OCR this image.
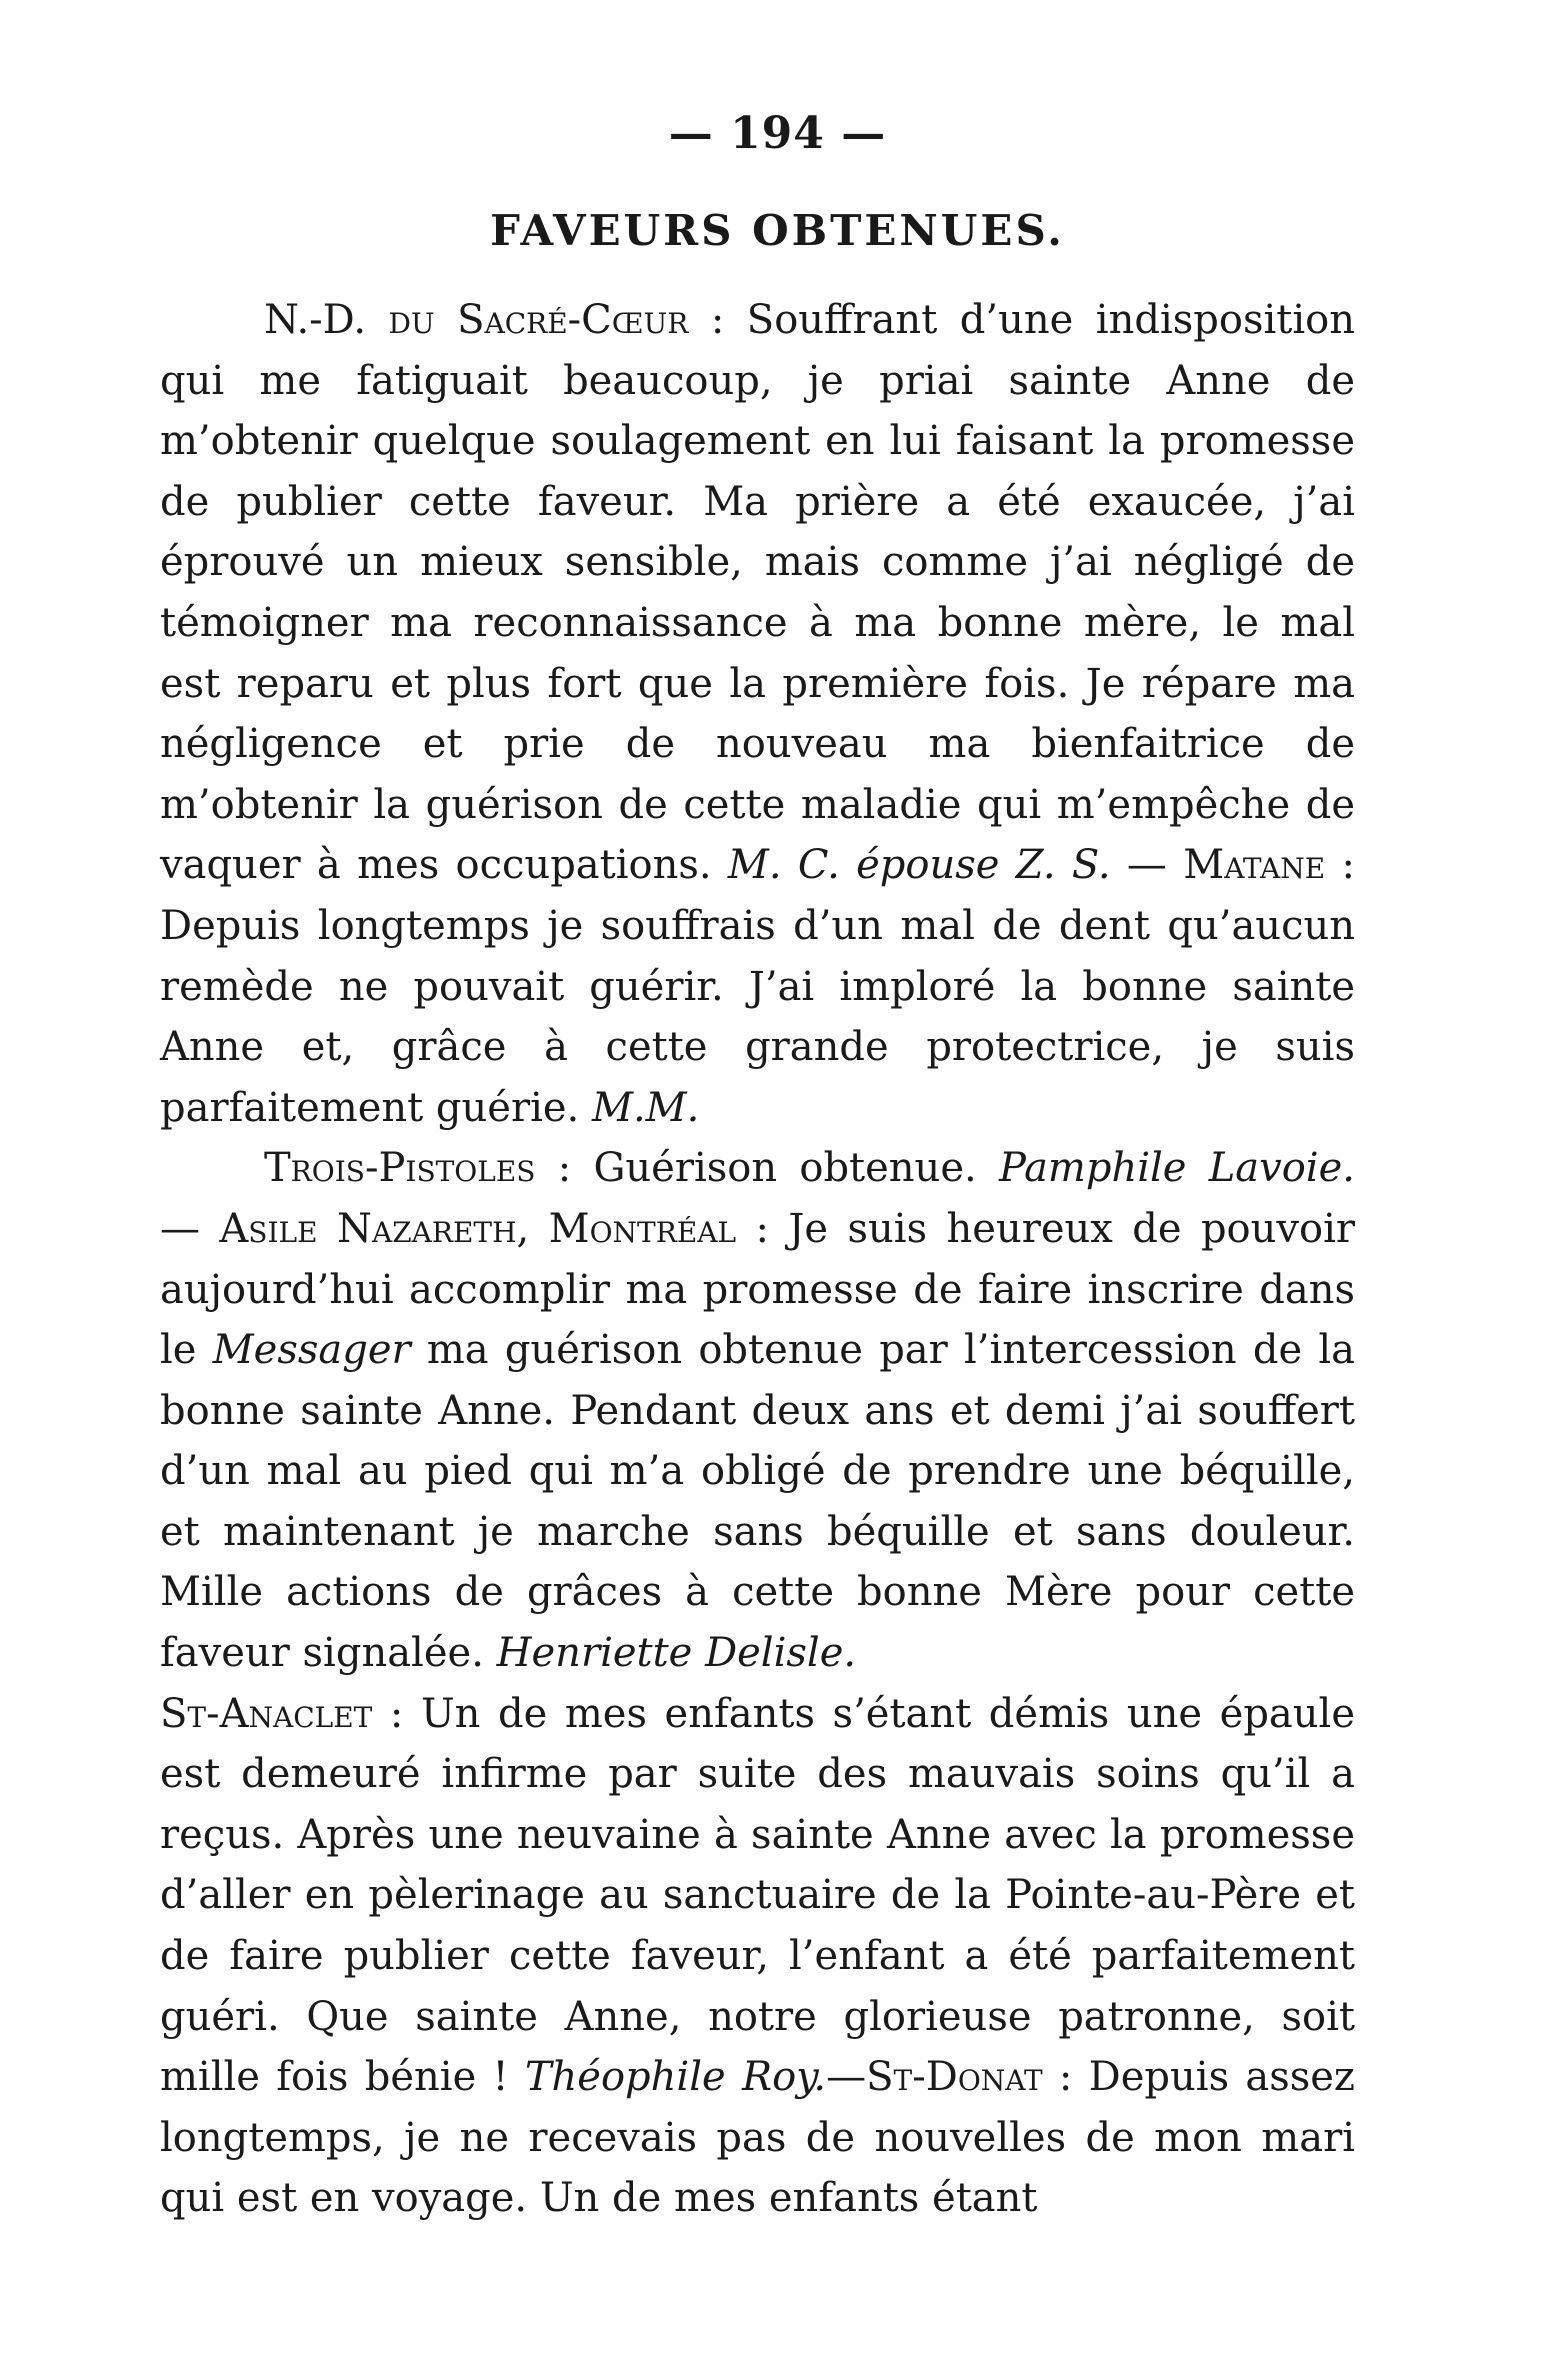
— 194 —
FAVEURS OBTENUES.

N.-D. du Sacré-Cœur : Souffrant d’une indisposition qui me fatiguait beaucoup, je priai sainte Anne de m’obtenir quelque soulagement en lui faisant la promesse de publier cette faveur. Ma prière a été exaucée, j’ai éprouvé un mieux sensible, mais comme j’ai négligé de témoigner ma reconnaissance à ma bonne mère, le mal est reparu et plus fort que la première fois. Je répare ma négligence et prie de nouveau ma bienfaitrice de m’obtenir la guérison de cette maladie qui m’empêche de vaquer à mes occupations. M. C. épouse Z. S. — Matane : Depuis longtemps je souffrais d’un mal de dent qu’aucun remède ne pouvait guérir. J’ai imploré la bonne sainte Anne et, grâce à cette grande protectrice, je suis parfaitement guérie. M.M.

Trois-Pistoles : Guérison obtenue. Pamphile Lavoie. — Asile Nazareth, Montréal : Je suis heureux de pouvoir aujourd’hui accomplir ma promesse de faire inscrire dans le Messager ma guérison obtenue par l’intercession de la bonne sainte Anne. Pendant deux ans et demi j’ai souffert d’un mal au pied qui m’a obligé de prendre une béquille, et maintenant je marche sans béquille et sans douleur. Mille actions de grâces à cette bonne Mère pour cette faveur signalée. Henriette Delisle.

St-Anaclet : Un de mes enfants s’étant démis une épaule est demeuré infirme par suite des mauvais soins qu’il a reçus. Après une neuvaine à sainte Anne avec la promesse d’aller en pèlerinage au sanctuaire de la Pointe-au-Père et de faire publier cette faveur, l’enfant a été parfaitement guéri. Que sainte Anne, notre glorieuse patronne, soit mille fois bénie ! Théophile Roy.—St-Donat : Depuis assez longtemps, je ne recevais pas de nouvelles de mon mari qui est en voyage. Un de mes enfants étant
